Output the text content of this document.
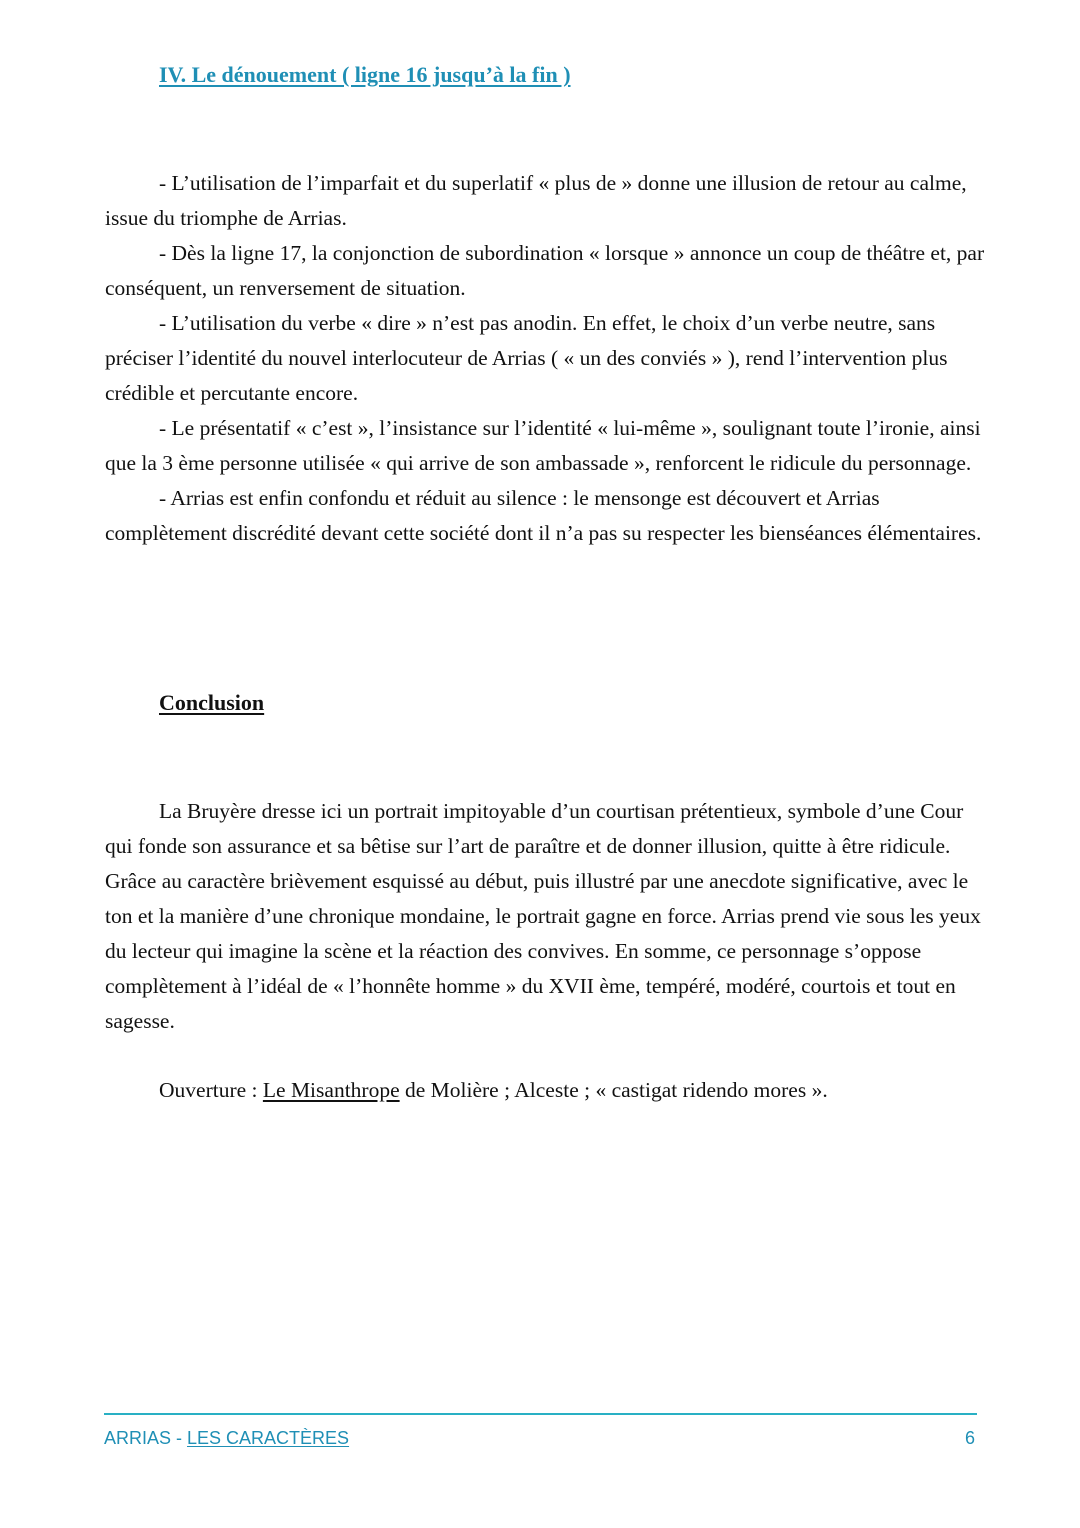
IV. Le dénouement ( ligne 16 jusqu’à la fin )

- L’utilisation de l’imparfait et du superlatif « plus de » donne une illusion de retour au calme, issue du triomphe de Arrias.

- Dès la ligne 17, la conjonction de subordination « lorsque » annonce un coup de théâtre et, par conséquent, un renversement de situation.

- L’utilisation du verbe « dire » n’est pas anodin. En effet, le choix d’un verbe neutre, sans préciser l’identité du nouvel interlocuteur de Arrias ( « un des conviés » ), rend l’intervention plus crédible et percutante encore.

- Le présentatif « c’est », l’insistance sur l’identité « lui-même », soulignant toute l’ironie, ainsi que la 3 ème personne utilisée « qui arrive de son ambassade », renforcent le ridicule du personnage.

- Arrias est enfin confondu et réduit au silence : le mensonge est découvert et Arrias complètement discrédité devant cette société dont il n’a pas su respecter les bienséances élémentaires.

Conclusion

La Bruyère dresse ici un portrait impitoyable d’un courtisan prétentieux, symbole d’une Cour qui fonde son assurance et sa bêtise sur l’art de paraître et de donner illusion, quitte à être ridicule. Grâce au caractère brièvement esquissé au début, puis illustré par une anecdote significative, avec le ton et la manière d’une chronique mondaine, le portrait gagne en force. Arrias prend vie sous les yeux du lecteur qui imagine la scène et la réaction des convives. En somme, ce personnage s’oppose complètement à l’idéal de « l’honnête homme » du XVII ème, tempéré, modéré, courtois et tout en sagesse.

Ouverture : Le Misanthrope de Molière ; Alceste ; « castigat ridendo mores ».

ARRIAS - LES CARACTÈRES	6
